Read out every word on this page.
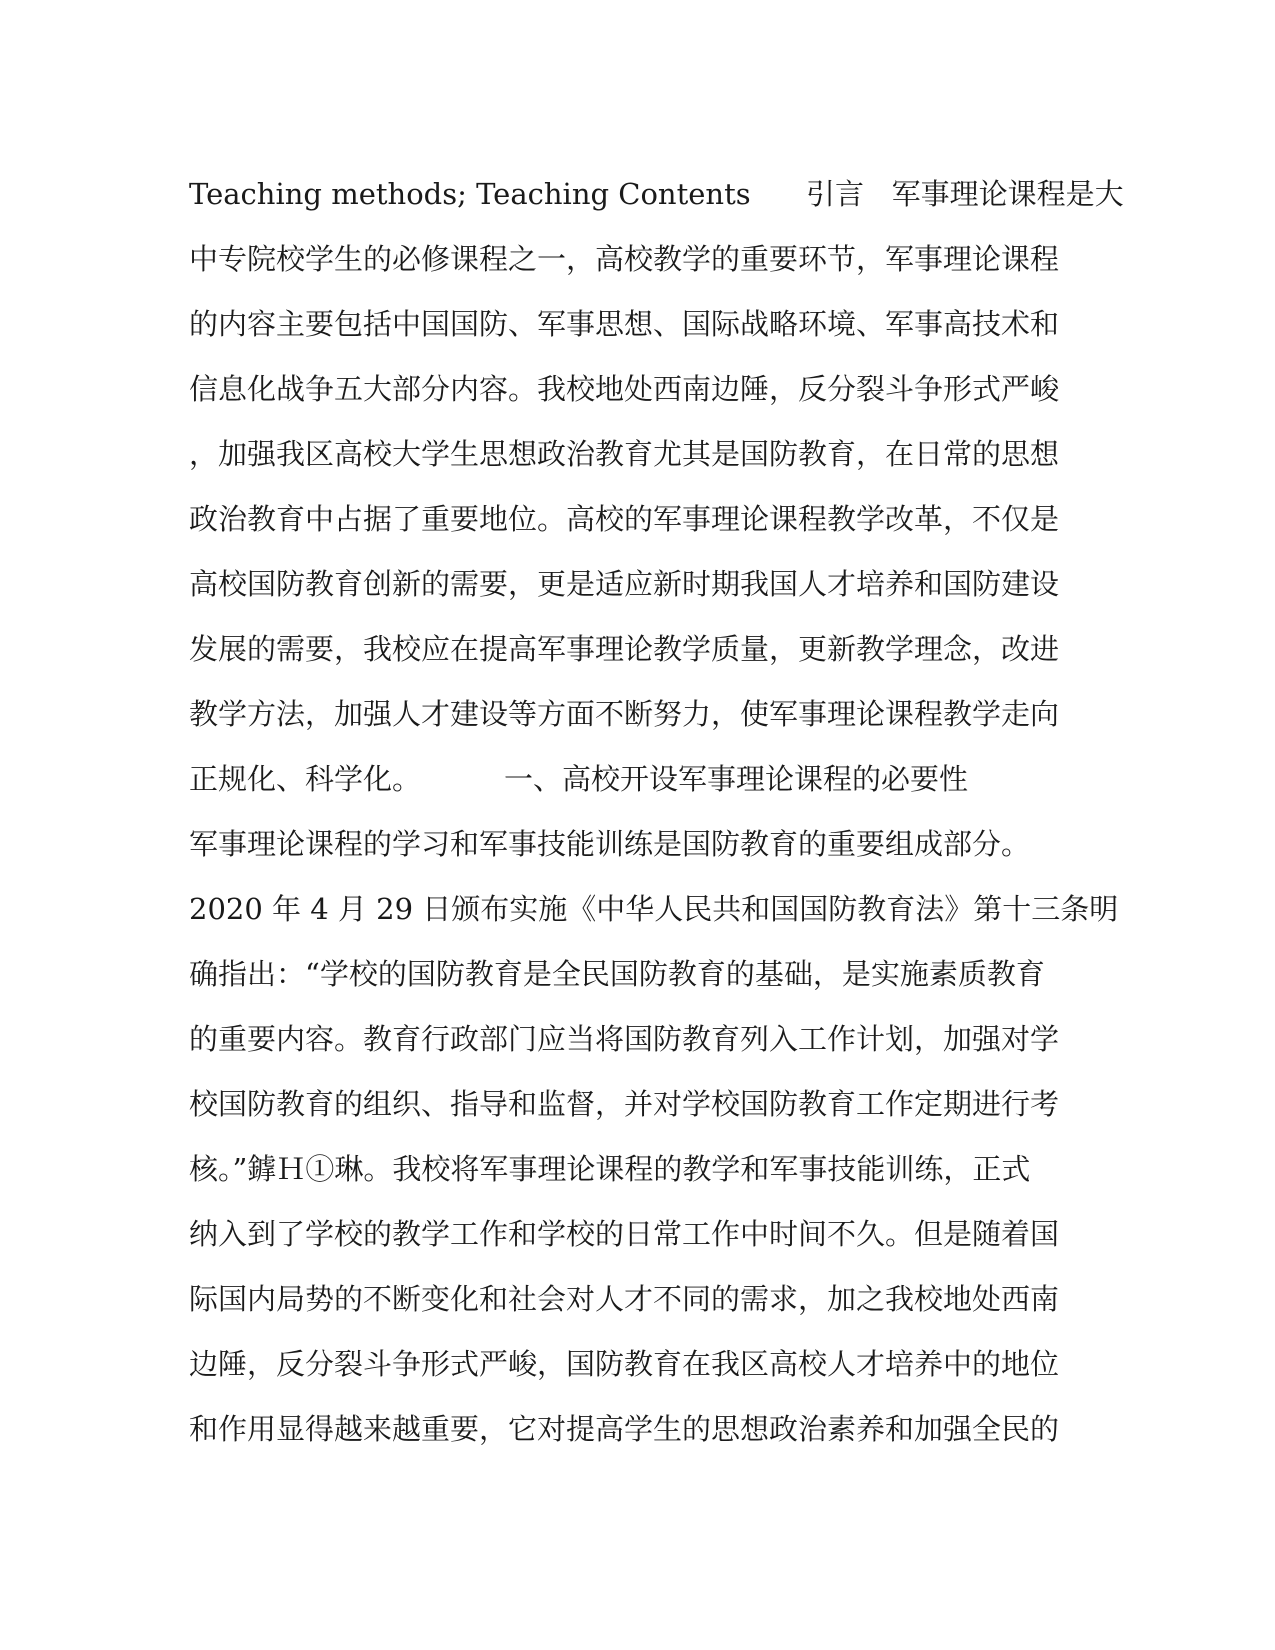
Teaching methods; Teaching Contents      引言   军事理论课程是大
中专院校学生的必修课程之一，高校教学的重要环节，军事理论课程
的内容主要包括中国国防、军事思想、国际战略环境、军事高技术和
信息化战争五大部分内容。我校地处西南边陲，反分裂斗争形式严峻
，加强我区高校大学生思想政治教育尤其是国防教育，在日常的思想
政治教育中占据了重要地位。高校的军事理论课程教学改革，不仅是
高校国防教育创新的需要，更是适应新时期我国人才培养和国防建设
发展的需要，我校应在提高军事理论教学质量，更新教学理念，改进
教学方法，加强人才建设等方面不断努力，使军事理论课程教学走向
正规化、科学化。         一、高校开设军事理论课程的必要性
军事理论课程的学习和军事技能训练是国防教育的重要组成部分。
2020 年 4 月 29 日颁布实施《中华人民共和国国防教育法》第十三条明
确指出：“学校的国防教育是全民国防教育的基础，是实施素质教育
的重要内容。教育行政部门应当将国防教育列入工作计划，加强对学
校国防教育的组织、指导和监督，并对学校国防教育工作定期进行考
核。”鎼Ｈ①琳。我校将军事理论课程的教学和军事技能训练，正式
纳入到了学校的教学工作和学校的日常工作中时间不久。但是随着国
际国内局势的不断变化和社会对人才不同的需求，加之我校地处西南
边陲，反分裂斗争形式严峻，国防教育在我区高校人才培养中的地位
和作用显得越来越重要，它对提高学生的思想政治素养和加强全民的
